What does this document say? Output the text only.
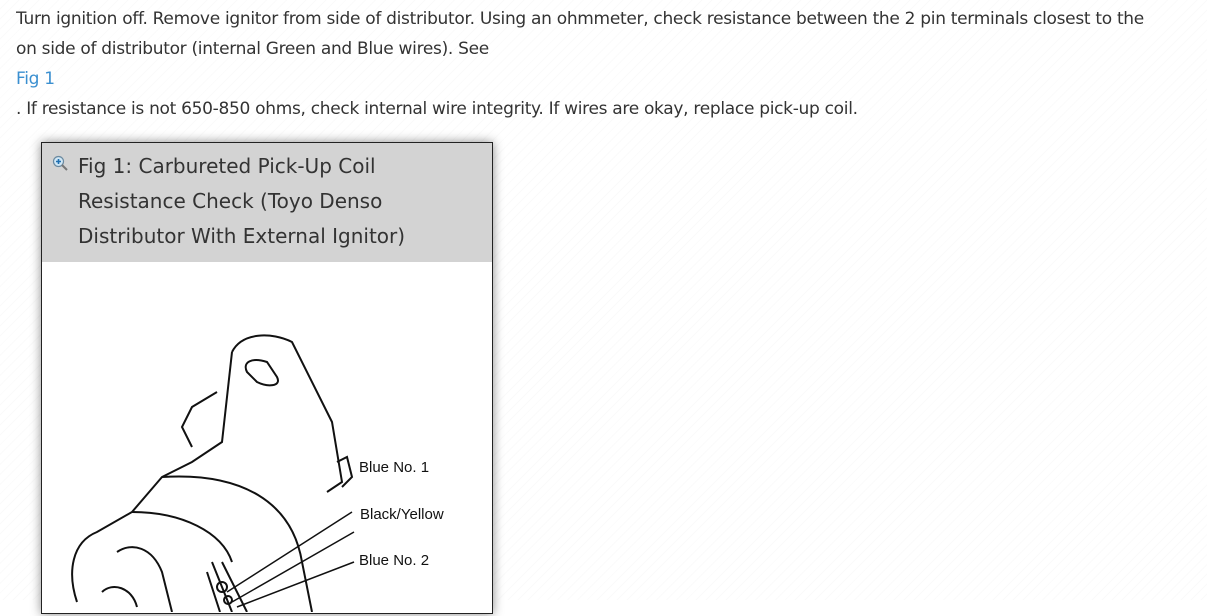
Turn ignition off. Remove ignitor from side of distributor. Using an ohmmeter, check resistance between the 2 pin terminals closest to the
on side of distributor (internal Green and Blue wires). See
Fig 1
. If resistance is not 650-850 ohms, check internal wire integrity. If wires are okay, replace pick-up coil.
Fig 1: Carbureted Pick-Up Coil Resistance Check (Toyo Denso Distributor With External Ignitor)
Blue No. 1
Black/Yellow
Blue No. 2
